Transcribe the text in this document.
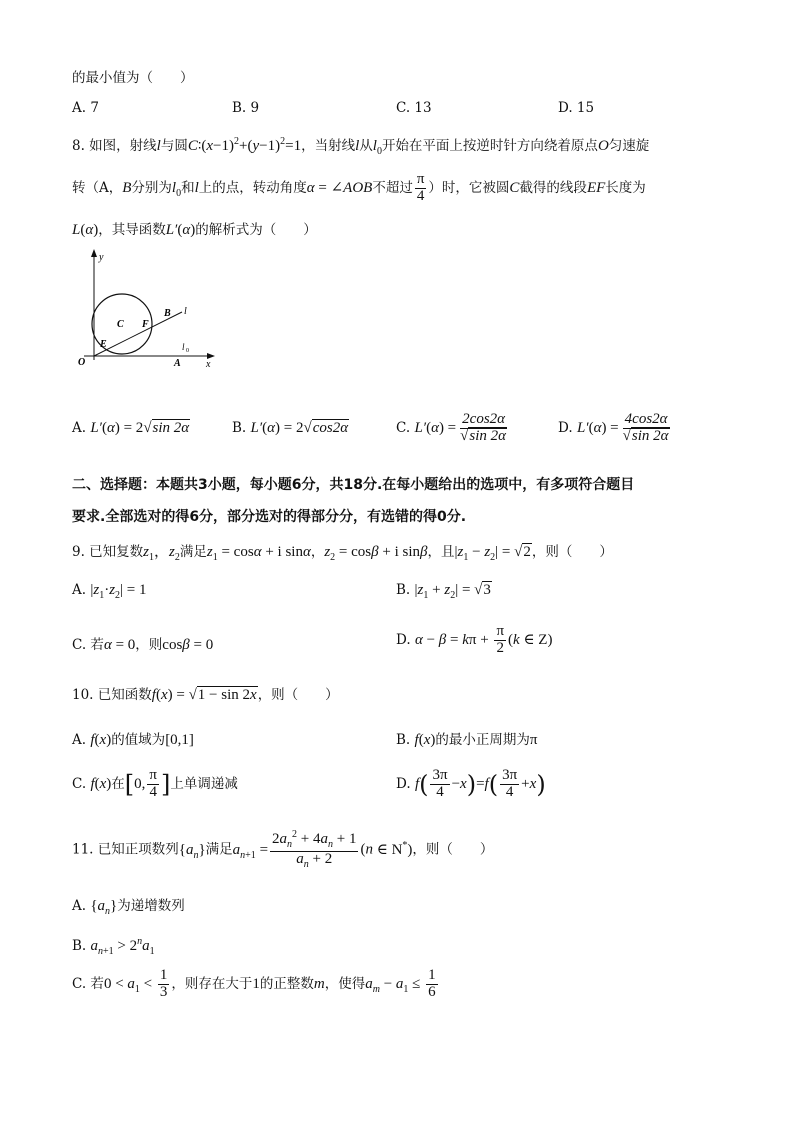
的最小值为（　　）
A. 7	B. 9	C. 13	D. 15
8. 如图，射线l与圆$C∶(x-1)^2+(y-1)^2=1$，当射线l从$l_0$开始在平面上按逆时针方向绕着原点O匀速旋
转（A，B分别为$l_0$和l上的点，转动角度α = ∠AOB不超过 $\frac{\pi}{4}$ ）时，它被圆C截得的线段EF长度为
L(α)，其导函数L′(α)的解析式为（　　）
y
x
O	A
B l
C F
E	l 0
A. L′(α) = 2√sin 2α	B. L′(α) = 2√cos2α	C. $L'(\alpha) = \frac{2\cos 2\alpha}{√\sin 2\alpha}$	D. $L'(\alpha) = \frac{4\cos 2\alpha}{√\sin 2\alpha}$
二、选择题：本题共3小题，每小题6分，共18分.在每小题给出的选项中，有多项符合题目
要求.全部选对的得6分，部分选对的得部分分，有选错的得0分.
9. 已知复数$z_1$，$z_2$满足$z_1 = \cos\alpha + i$ sinα，$z_2 = \cos\beta + i$ sinβ，且$|z_1 - z_2| = √2$，则（　　）
A. $|z_1\cdot z_2| = 1$	B. $|z_1 + z_2| = √3$
C. 若α = 0，则cosβ = 0	D. $\alpha - \beta = k\pi + \frac{\pi}{2} (k$ ∈ Z)
10. 已知函数f(x) = √1 − sin 2x，则（　　）
A. f(x)的值域为[0,1]	B. f(x)的最小正周期为π
C. f(x)在[0, $\frac{\pi}{4}$ ]上单调递减	D. $f( \frac{3\pi}{4} -x)=f( \frac{3\pi}{4} +x)$
11. 已知正项数列$\{a_n\}$满足$a_{n+1} = \frac{2a_n^2 + 4a_n + 1}{a_n + 2} (n$ ∈ N*)，则（　　）
A. $\{a_n\}$为递增数列
B. $a_{n+1} > 2^na_1$
C. 若$0 < a_1 < \frac{1}{3}$ ，则存在大于1的正整数m，使得$a_m - a_1 \le \frac{1}{6}$
